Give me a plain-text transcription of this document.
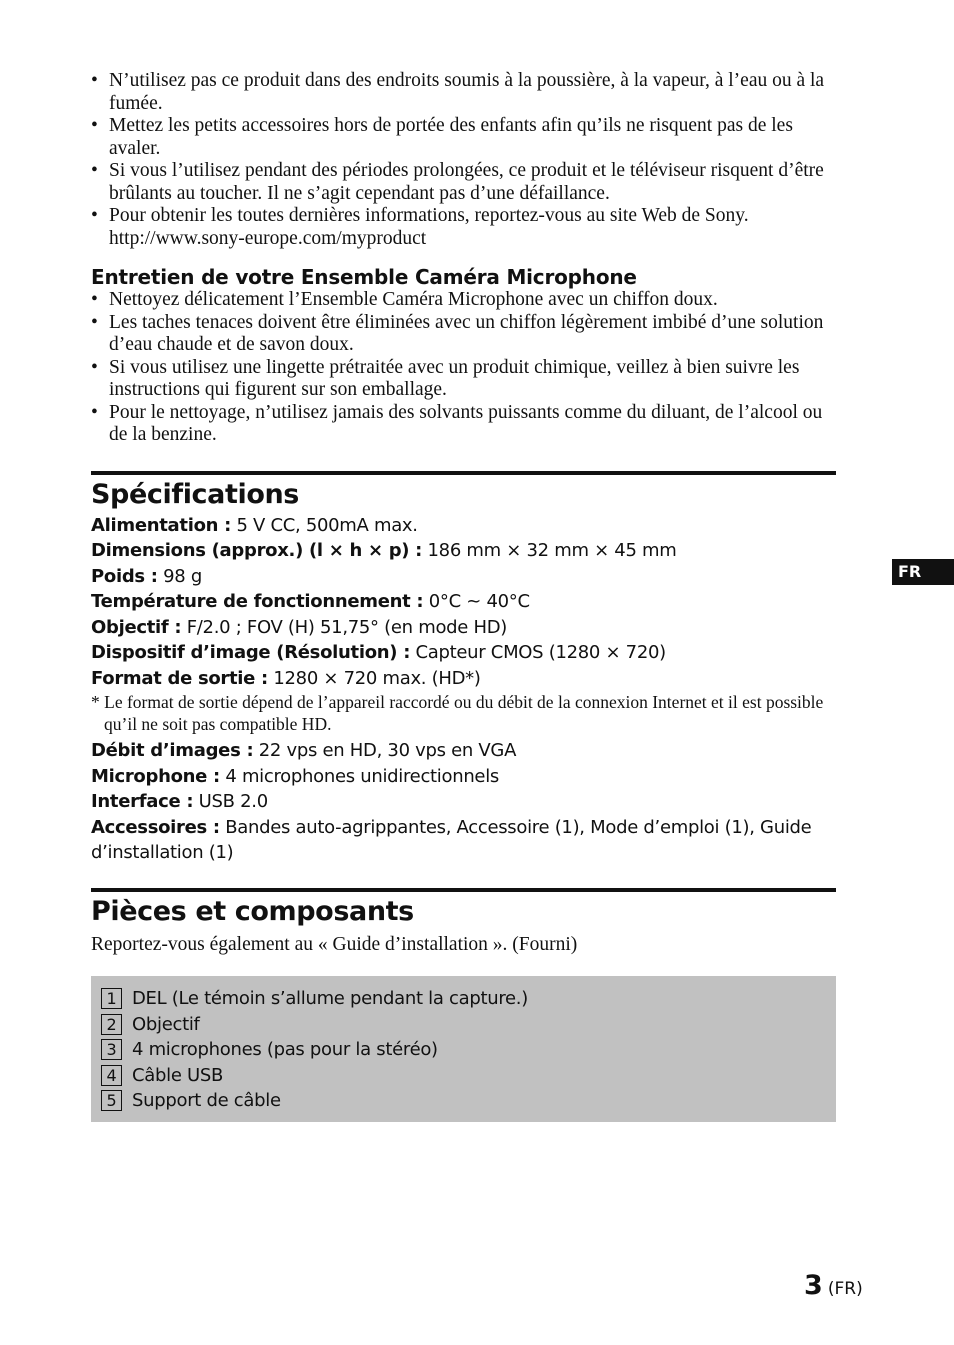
• N’utilisez pas ce produit dans des endroits soumis à la poussière, à la vapeur, à l’eau ou à la fumée.
• Mettez les petits accessoires hors de portée des enfants afin qu’ils ne risquent pas de les avaler.
• Si vous l’utilisez pendant des périodes prolongées, ce produit et le téléviseur risquent d’être brûlants au toucher. Il ne s’agit cependant pas d’une défaillance.
• Pour obtenir les toutes dernières informations, reportez-vous au site Web de Sony.
http://www.sony-europe.com/myproduct
Entretien de votre Ensemble Caméra Microphone
• Nettoyez délicatement l’Ensemble Caméra Microphone avec un chiffon doux.
• Les taches tenaces doivent être éliminées avec un chiffon légèrement imbibé d’une solution d’eau chaude et de savon doux.
• Si vous utilisez une lingette prétraitée avec un produit chimique, veillez à bien suivre les instructions qui figurent sur son emballage.
• Pour le nettoyage, n’utilisez jamais des solvants puissants comme du diluant, de l’alcool ou de la benzine.
Spécifications
Alimentation : 5 V CC, 500mA max.
Dimensions (approx.) (l × h × p) : 186 mm × 32 mm × 45 mm
Poids : 98 g
Température de fonctionnement : 0°C ~ 40°C
Objectif : F/2.0 ; FOV (H) 51,75° (en mode HD)
Dispositif d’image (Résolution) : Capteur CMOS (1280 × 720)
Format de sortie : 1280 × 720 max. (HD*)
* Le format de sortie dépend de l’appareil raccordé ou du débit de la connexion Internet et il est possible qu’il ne soit pas compatible HD.
Débit d’images : 22 vps en HD, 30 vps en VGA
Microphone : 4 microphones unidirectionnels
Interface : USB 2.0
Accessoires : Bandes auto-agrippantes, Accessoire (1), Mode d’emploi (1), Guide d’installation (1)
Pièces et composants
Reportez-vous également au « Guide d’installation ». (Fourni)
1 DEL (Le témoin s’allume pendant la capture.)
2 Objectif
3 4 microphones (pas pour la stéréo)
4 Câble USB
5 Support de câble
FR
3 (FR)
